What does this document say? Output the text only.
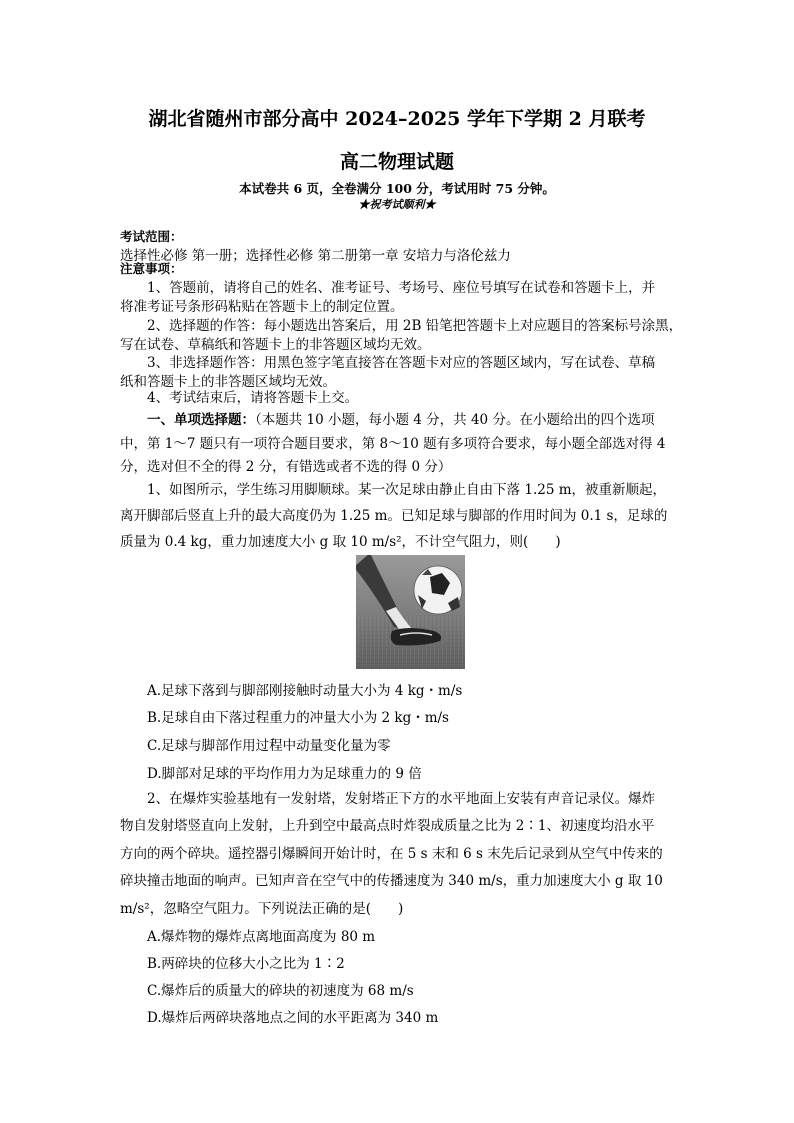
湖北省随州市部分高中 2024–2025 学年下学期 2 月联考
高二物理试题
本试卷共 6 页，全卷满分 100 分，考试用时 75 分钟。
★祝考试顺利★
考试范围：
选择性必修 第一册；选择性必修 第二册第一章 安培力与洛伦兹力
注意事项：
1、答题前，请将自己的姓名、准考证号、考场号、座位号填写在试卷和答题卡上，并
将准考证号条形码粘贴在答题卡上的制定位置。
2、选择题的作答：每小题选出答案后，用 2B 铅笔把答题卡上对应题目的答案标号涂黑，
写在试卷、草稿纸和答题卡上的非答题区域均无效。
3、非选择题作答：用黑色签字笔直接答在答题卡对应的答题区域内，写在试卷、草稿
纸和答题卡上的非答题区域均无效。
4、考试结束后，请将答题卡上交。
一、单项选择题：（本题共 10 小题，每小题 4 分，共 40 分。在小题给出的四个选项
中，第 1～7 题只有一项符合题目要求，第 8～10 题有多项符合要求，每小题全部选对得 4
分，选对但不全的得 2 分，有错选或者不选的得 0 分）
1、如图所示，学生练习用脚顺球。某一次足球由静止自由下落 1.25 m，被重新顺起，
离开脚部后竖直上升的最大高度仍为 1.25 m。已知足球与脚部的作用时间为 0.1 s，足球的
质量为 0.4 kg，重力加速度大小 g 取 10 m/s²，不计空气阻力，则(　　)
A.足球下落到与脚部刚接触时动量大小为 4 kg・m/s
B.足球自由下落过程重力的冲量大小为 2 kg・m/s
C.足球与脚部作用过程中动量变化量为零
D.脚部对足球的平均作用力为足球重力的 9 倍
2、在爆炸实验基地有一发射塔，发射塔正下方的水平地面上安装有声音记录仪。爆炸
物自发射塔竖直向上发射，上升到空中最高点时炸裂成质量之比为 2∶1、初速度均沿水平
方向的两个碎块。遥控器引爆瞬间开始计时，在 5 s 末和 6 s 末先后记录到从空气中传来的
碎块撞击地面的响声。已知声音在空气中的传播速度为 340 m/s，重力加速度大小 g 取 10
m/s²，忽略空气阻力。下列说法正确的是(　　)
A.爆炸物的爆炸点离地面高度为 80 m
B.两碎块的位移大小之比为 1∶2
C.爆炸后的质量大的碎块的初速度为 68 m/s
D.爆炸后两碎块落地点之间的水平距离为 340 m
